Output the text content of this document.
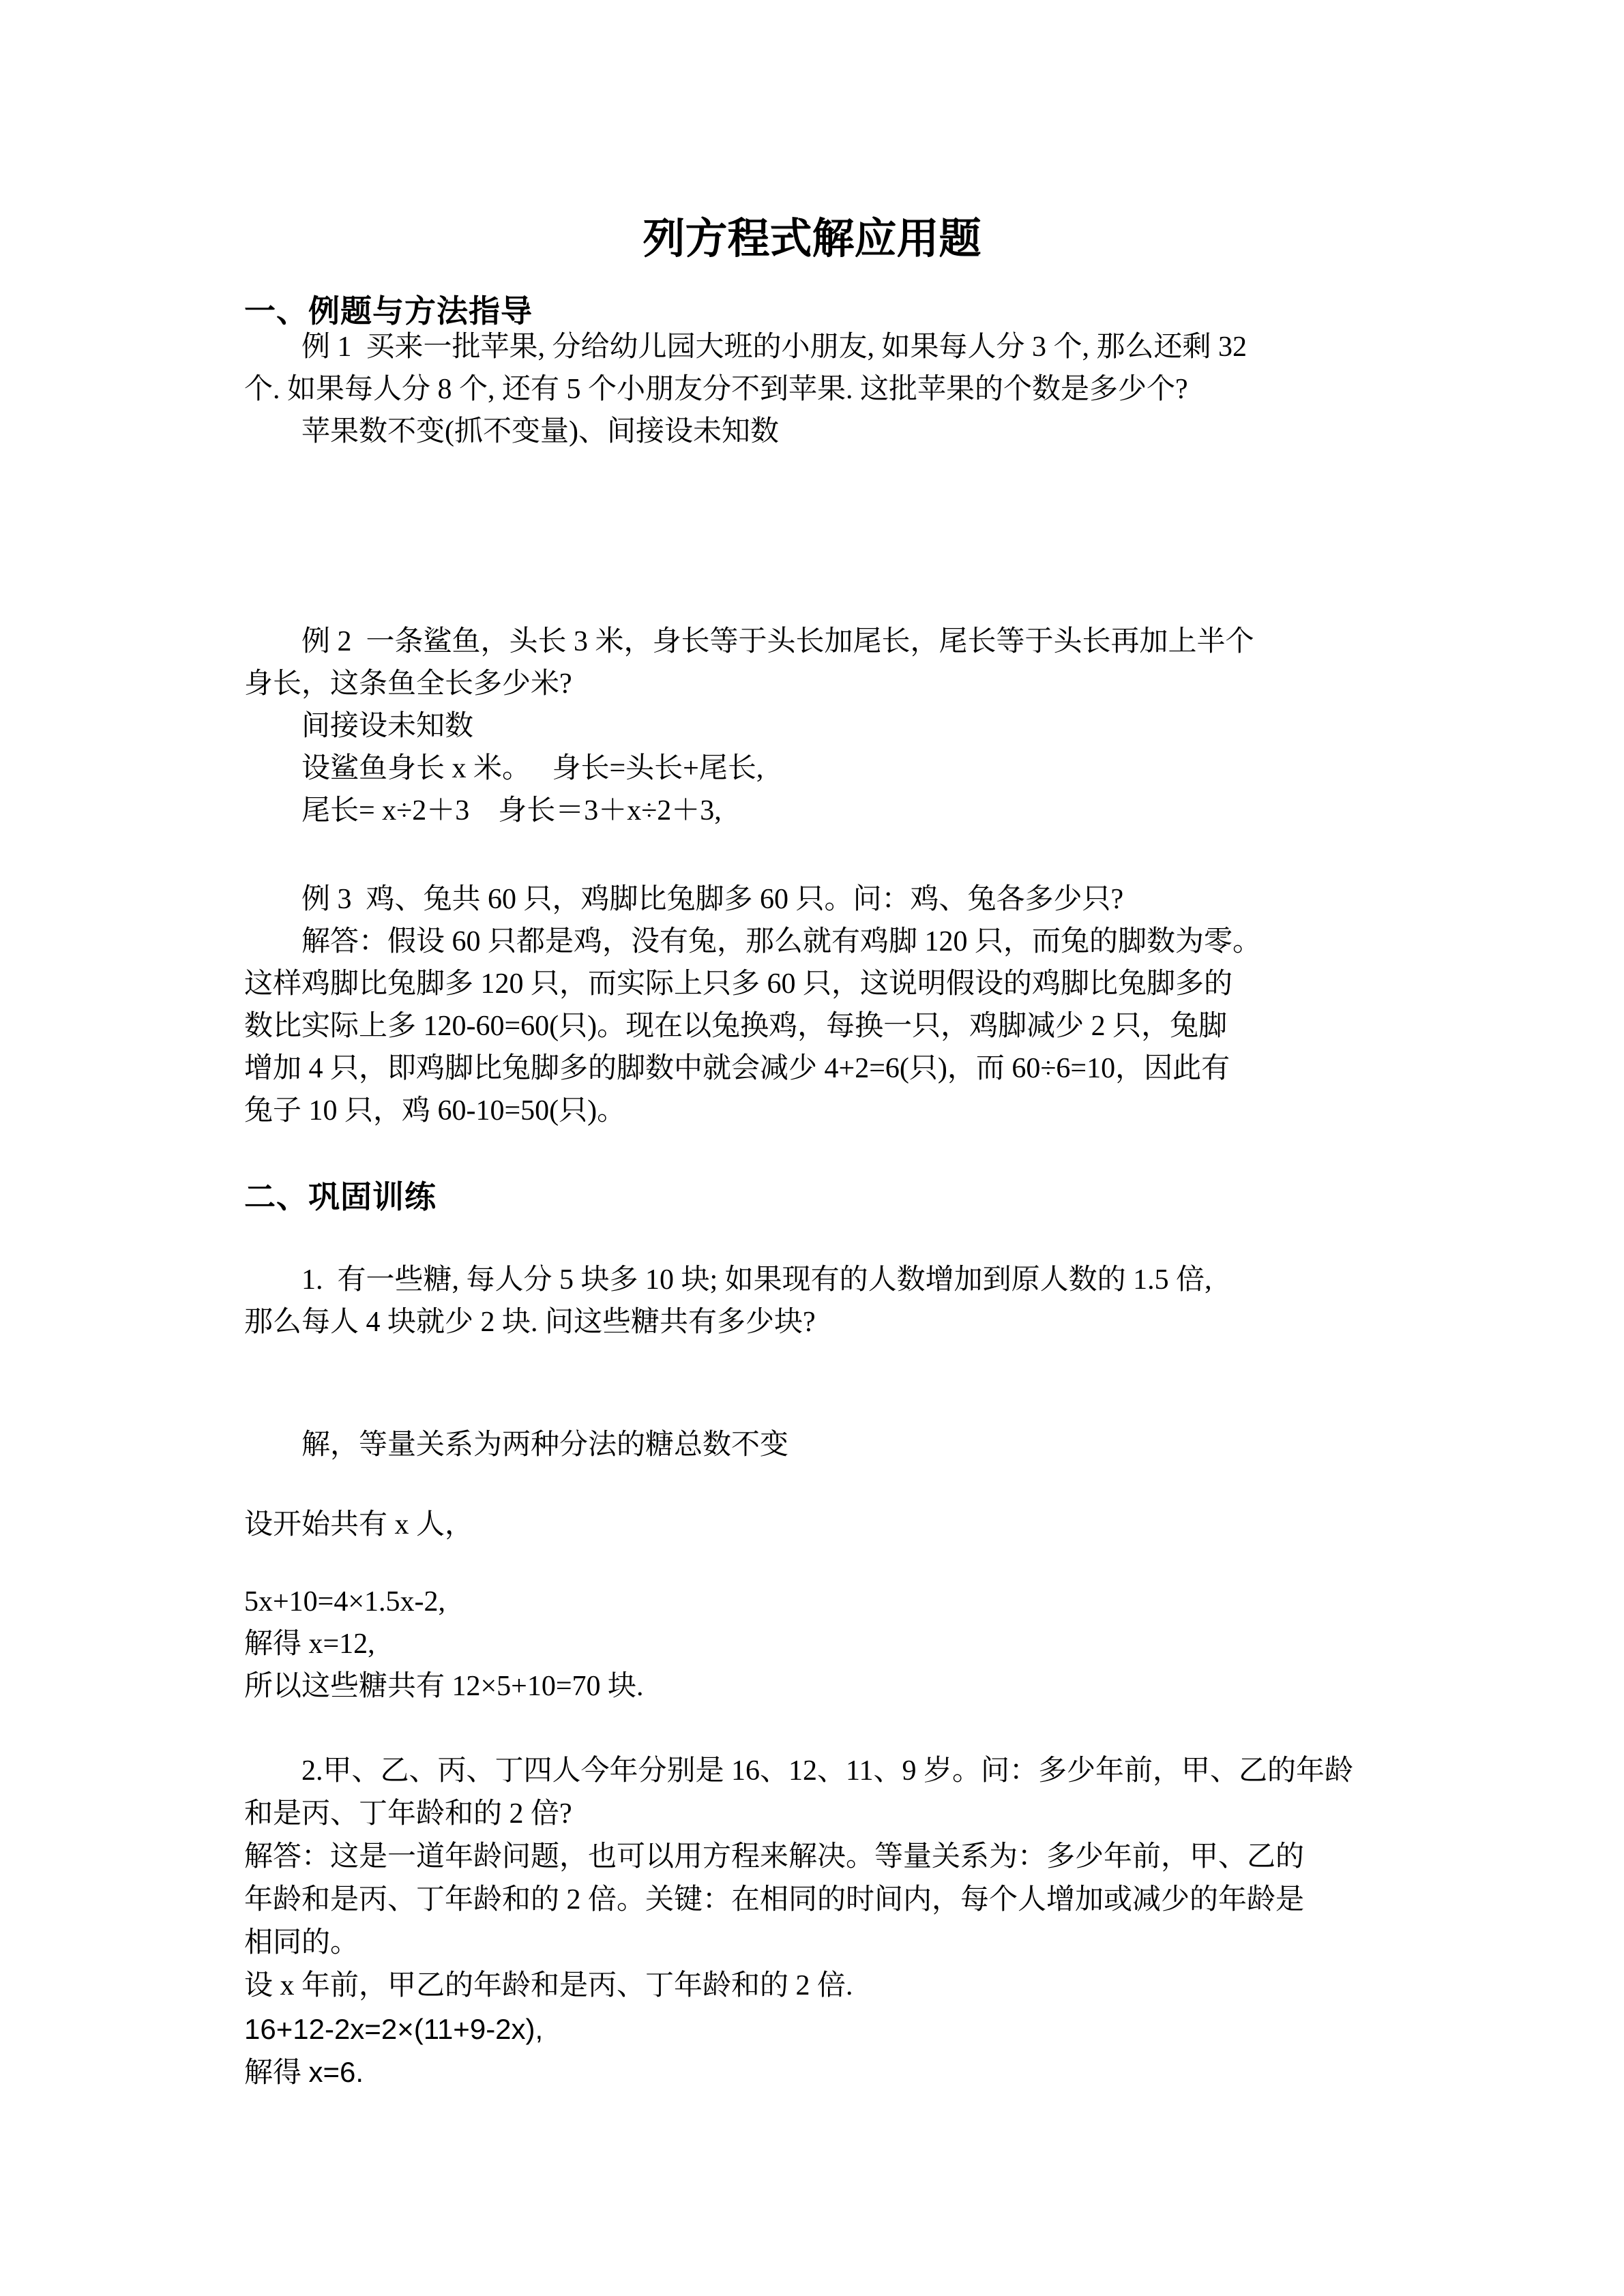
列方程式解应用题
一、例题与方法指导
例 1  买来一批苹果, 分给幼儿园大班的小朋友, 如果每人分 3 个, 那么还剩 32
个. 如果每人分 8 个, 还有 5 个小朋友分不到苹果. 这批苹果的个数是多少个?
苹果数不变(抓不变量)、间接设未知数
例 2  一条鲨鱼，头长 3 米，身长等于头长加尾长，尾长等于头长再加上半个
身长，这条鱼全长多少米?
间接设未知数
设鲨鱼身长 x 米。　 身长=头长+尾长,
尾长= x÷2＋3　身长＝3＋x÷2＋3,
例 3  鸡、兔共 60 只，鸡脚比兔脚多 60 只。问：鸡、兔各多少只?
解答：假设 60 只都是鸡，没有兔，那么就有鸡脚 120 只，而兔的脚数为零。
这样鸡脚比兔脚多 120 只，而实际上只多 60 只，这说明假设的鸡脚比兔脚多的
数比实际上多 120-60=60(只)。现在以兔换鸡，每换一只，鸡脚减少 2 只，兔脚
增加 4 只，即鸡脚比兔脚多的脚数中就会减少 4+2=6(只)，而 60÷6=10，因此有
兔子 10 只，鸡 60-10=50(只)。
二、巩固训练
1.  有一些糖, 每人分 5 块多 10 块; 如果现有的人数增加到原人数的 1.5 倍,
那么每人 4 块就少 2 块. 问这些糖共有多少块?
解，等量关系为两种分法的糖总数不变
设开始共有 x 人，
5x+10=4×1.5x-2,
解得 x=12,
所以这些糖共有 12×5+10=70 块.
2.甲、乙、丙、丁四人今年分别是 16、12、11、9 岁。问：多少年前，甲、乙的年龄
和是丙、丁年龄和的 2 倍?
解答：这是一道年龄问题，也可以用方程来解决。等量关系为：多少年前，甲、乙的
年龄和是丙、丁年龄和的 2 倍。关键：在相同的时间内，每个人增加或减少的年龄是
相同的。
设 x 年前，甲乙的年龄和是丙、丁年龄和的 2 倍.
16+12-2x=2×(11+9-2x),
解得 x=6.
